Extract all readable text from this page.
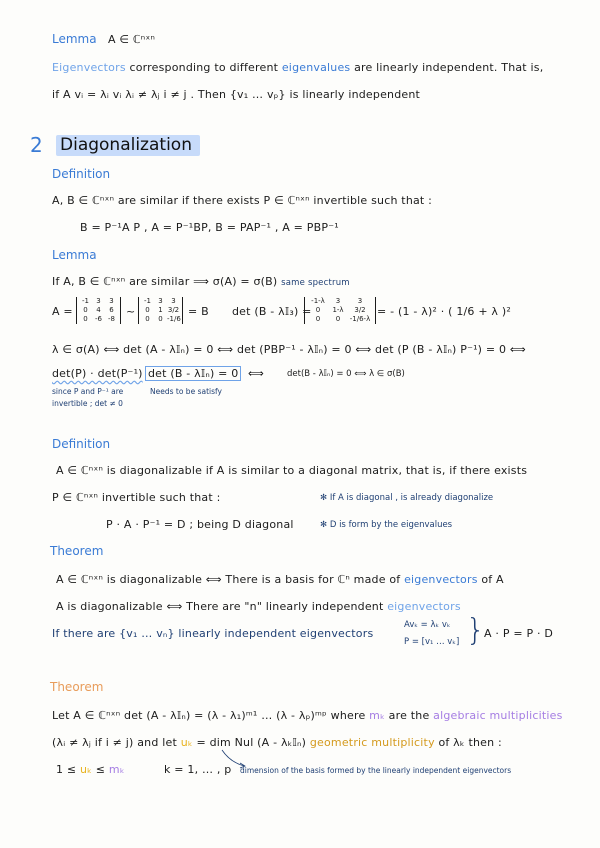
Lemma A ∈ ℂⁿˣⁿ
Eigenvectors corresponding to different eigenvalues are linearly independent. That is,
if A vᵢ = λᵢ vᵢ λᵢ ≠ λⱼ i ≠ j . Then {v₁ … vₚ} is linearly independent
2 Diagonalization
Definition
A, B ∈ ℂⁿˣⁿ are similar if there exists P ∈ ℂⁿˣⁿ invertible such that :
B = P⁻¹A P , A = P⁻¹BP, B = PAP⁻¹ , A = PBP⁻¹
Lemma
If A, B ∈ ℂⁿˣⁿ are similar ⟹ σ(A) = σ(B) same spectrum
A =
-1	3	3
0	4	6
0	-6 -8
~
-1	3	3
0	1 3/2
0	0 -1/6
= B det (B - λ𝕀₃) =
-1-λ	3	3
0	1-λ	3/2
0	0	-1/6-λ
= - (1 - λ)² · ( 1/6 + λ )²
λ ∈ σ(A) ⟺ det (A - λ𝕀ₙ) = 0 ⟺ det (PBP⁻¹ - λ𝕀ₙ) = 0 ⟺ det (P (B - λ𝕀ₙ) P⁻¹) = 0 ⟺
det(P) · det(P⁻¹) det (B - λ𝕀ₙ) = 0 ⟺	det(B - λ𝕀ₙ) = 0 ⟺ λ ∈ σ(B)
since P and P⁻¹ are
invertible ; det ≠ 0
Needs to be satisfy
Definition
A ∈ ℂⁿˣⁿ is diagonalizable if A is similar to a diagonal matrix, that is, if there exists
P ∈ ℂⁿˣⁿ invertible such that :
P · A · P⁻¹ = D ; being D diagonal
✻ If A is diagonal , is already diagonalize
✻ D is form by the eigenvalues
Theorem
A ∈ ℂⁿˣⁿ is diagonalizable ⟺ There is a basis for ℂⁿ made of eigenvectors of A
A is diagonalizable ⟺ There are "n" linearly independent eigenvectors
If there are {v₁ … vₙ} linearly independent eigenvectors
Avₖ = λₖ vₖ
P = [v₁ … vₖ] }
A · P = P · D
Theorem
Let A ∈ ℂⁿˣⁿ det (A - λ𝕀ₙ) = (λ - λ₁)ᵐ¹ … (λ - λₚ)ᵐᵖ where mₖ are the algebraic multiplicities
(λᵢ ≠ λⱼ if i ≠ j) and let uₖ = dim Nul (A - λₖ𝕀ₙ) geometric multiplicity of λₖ then :
1 ≤ uₖ ≤ mₖ	k = 1, … , p dimension of the basis formed by the linearly independent eigenvectors
